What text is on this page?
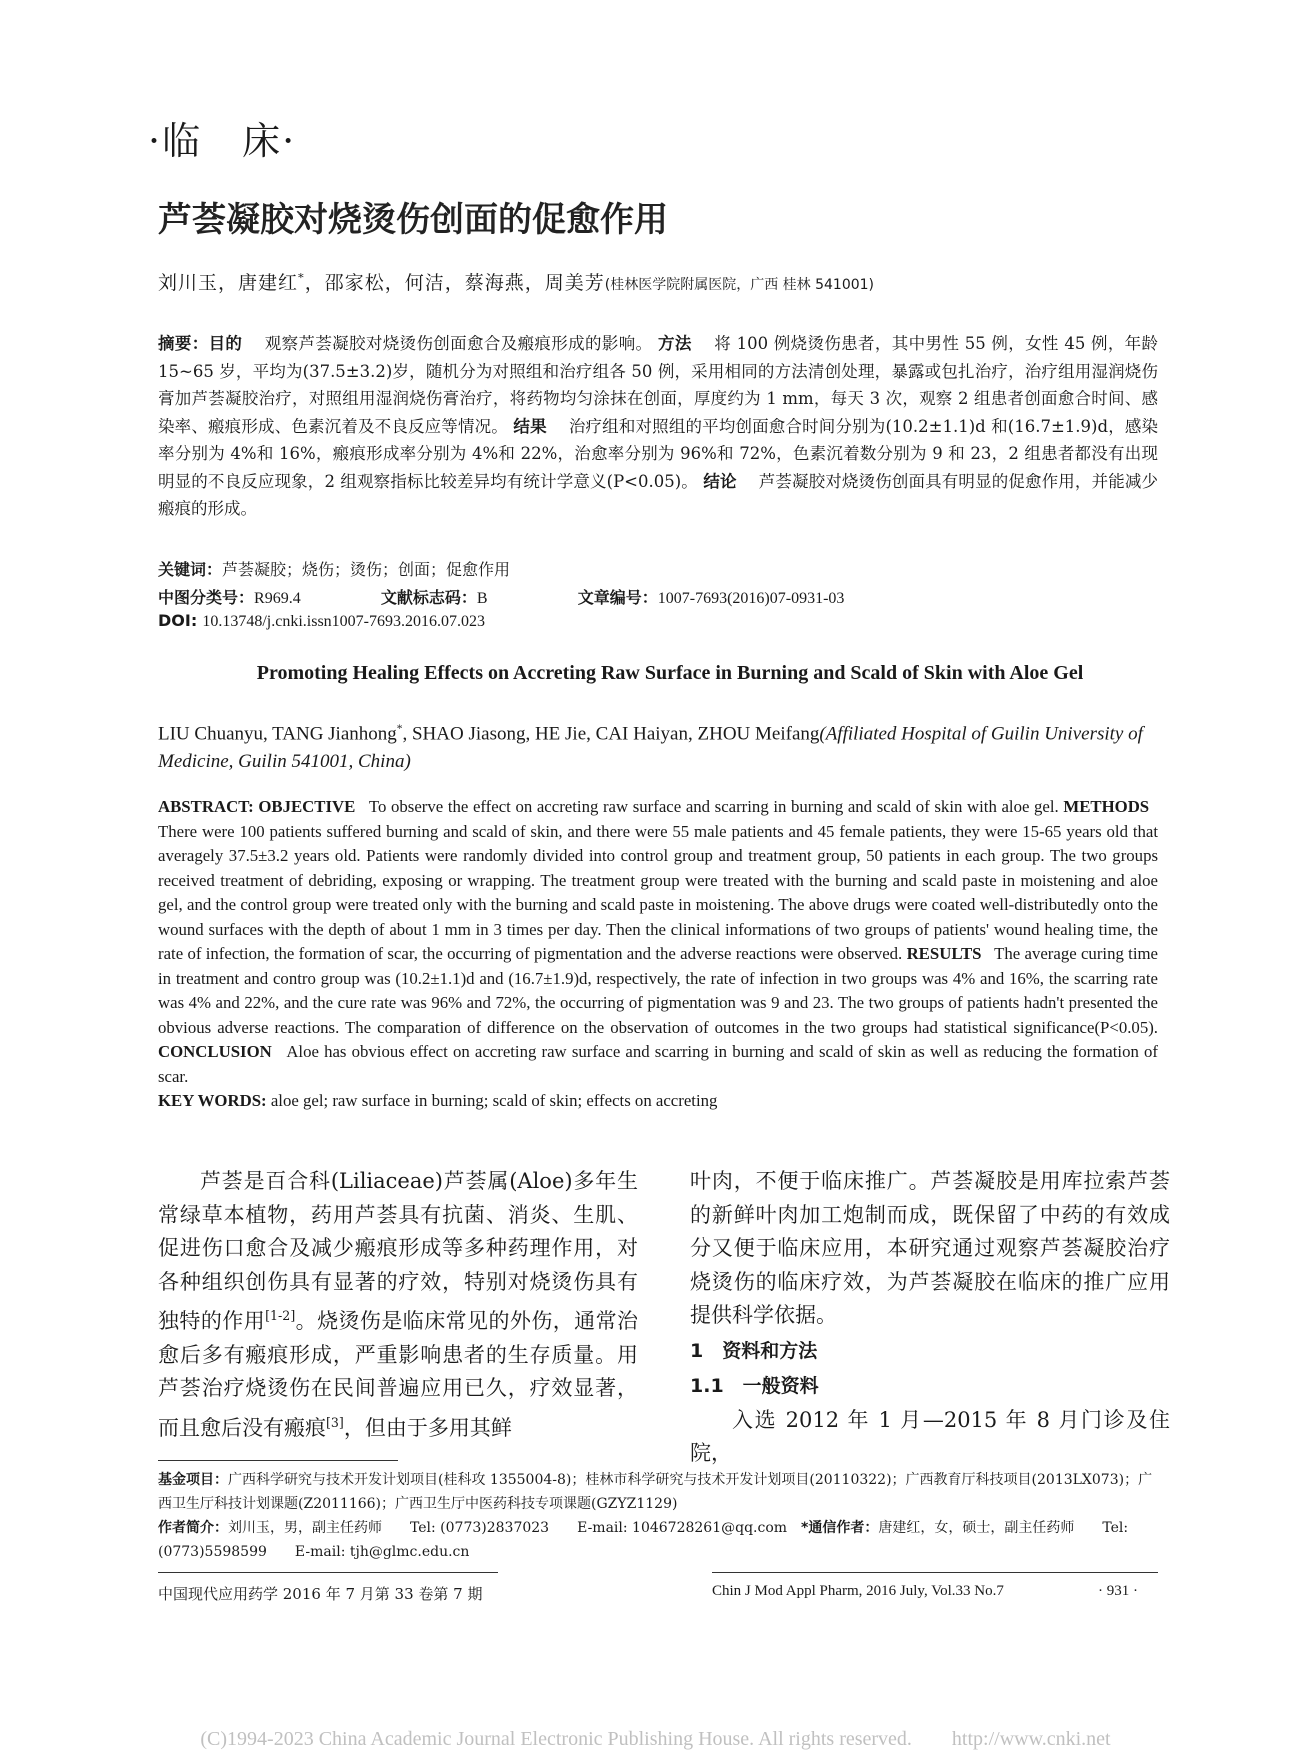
·临　床·
芦荟凝胶对烧烫伤创面的促愈作用
刘川玉，唐建红*，邵家松，何洁，蔡海燕，周美芳(桂林医学院附属医院，广西 桂林 541001)
摘要：目的　 观察芦荟凝胶对烧烫伤创面愈合及瘢痕形成的影响。 方法　 将 100 例烧烫伤患者，其中男性 55 例，女性 45 例，年龄 15~65 岁，平均为(37.5±3.2)岁，随机分为对照组和治疗组各 50 例，采用相同的方法清创处理，暴露或包扎治疗，治疗组用湿润烧伤膏加芦荟凝胶治疗，对照组用湿润烧伤膏治疗，将药物均匀涂抹在创面，厚度约为 1 mm，每天 3 次，观察 2 组患者创面愈合时间、感染率、瘢痕形成、色素沉着及不良反应等情况。 结果　 治疗组和对照组的平均创面愈合时间分别为(10.2±1.1)d 和(16.7±1.9)d，感染率分别为 4%和 16%，瘢痕形成率分别为 4%和 22%，治愈率分别为 96%和 72%，色素沉着数分别为 9 和 23，2 组患者都没有出现明显的不良反应现象，2 组观察指标比较差异均有统计学意义(P<0.05)。 结论　 芦荟凝胶对烧烫伤创面具有明显的促愈作用，并能减少瘢痕的形成。
关键词：芦荟凝胶；烧伤；烫伤；创面；促愈作用
中图分类号：R969.4	文献标志码：B	文章编号：1007-7693(2016)07-0931-03
DOI: 10.13748/j.cnki.issn1007-7693.2016.07.023
Promoting Healing Effects on Accreting Raw Surface in Burning and Scald of Skin with Aloe Gel
LIU Chuanyu, TANG Jianhong*, SHAO Jiasong, HE Jie, CAI Haiyan, ZHOU Meifang(Affiliated Hospital of Guilin University of Medicine, Guilin 541001, China)
ABSTRACT: OBJECTIVE To observe the effect on accreting raw surface and scarring in burning and scald of skin with aloe gel. METHODS   There were 100 patients suffered burning and scald of skin, and there were 55 male patients and 45 female patients, they were 15-65 years old that averagely 37.5±3.2 years old. Patients were randomly divided into control group and treatment group, 50 patients in each group. The two groups received treatment of debriding, exposing or wrapping. The treatment group were treated with the burning and scald paste in moistening and aloe gel, and the control group were treated only with the burning and scald paste in moistening. The above drugs were coated well-distributedly onto the wound surfaces with the depth of about 1 mm in 3 times per day. Then the clinical informations of two groups of patients' wound healing time, the rate of infection, the formation of scar, the occurring of pigmentation and the adverse reactions were observed. RESULTS The average curing time in treatment and contro group was (10.2±1.1)d and (16.7±1.9)d, respectively, the rate of infection in two groups was 4% and 16%, the scarring rate was 4% and 22%, and the cure rate was 96% and 72%, the occurring of pigmentation was 9 and 23. The two groups of patients hadn't presented the obvious adverse reactions. The comparation of difference on the observation of outcomes in the two groups had statistical significance(P<0.05). CONCLUSION Aloe has obvious effect on accreting raw surface and scarring in burning and scald of skin as well as reducing the formation of scar.
KEY WORDS: aloe gel; raw surface in burning; scald of skin; effects on accreting

芦荟是百合科(Liliaceae)芦荟属(Aloe)多年生常绿草本植物，药用芦荟具有抗菌、消炎、生肌、促进伤口愈合及减少瘢痕形成等多种药理作用，对各种组织创伤具有显著的疗效，特别对烧烫伤具有独特的作用[1-2]。烧烫伤是临床常见的外伤，通常治愈后多有瘢痕形成，严重影响患者的生存质量。用芦荟治疗烧烫伤在民间普遍应用已久，疗效显著，而且愈后没有瘢痕[3]，但由于多用其鲜

叶肉，不便于临床推广。芦荟凝胶是用库拉索芦荟的新鲜叶肉加工炮制而成，既保留了中药的有效成分又便于临床应用，本研究通过观察芦荟凝胶治疗烧烫伤的临床疗效，为芦荟凝胶在临床的推广应用提供科学依据。

1　资料和方法

1.1　一般资料

入选 2012 年 1 月—2015 年 8 月门诊及住院，

基金项目：广西科学研究与技术开发计划项目(桂科攻 1355004-8)；桂林市科学研究与技术开发计划项目(20110322)；广西教育厅科技项目(2013LX073)；广西卫生厅科技计划课题(Z2011166)；广西卫生厅中医药科技专项课题(GZYZ1129)
作者简介：刘川玉，男，副主任药师　　Tel: (0773)2837023　　E-mail: 1046728261@qq.com　 *通信作者：唐建红，女，硕士，副主任药师　　Tel: (0773)5598599　　E-mail: tjh@glmc.edu.cn
中国现代应用药学 2016 年 7 月第 33 卷第 7 期	Chin J Mod Appl Pharm, 2016 July, Vol.33 No.7	· 931 ·
(C)1994-2023 China Academic Journal Electronic Publishing House. All rights reserved.　　http://www.cnki.net
